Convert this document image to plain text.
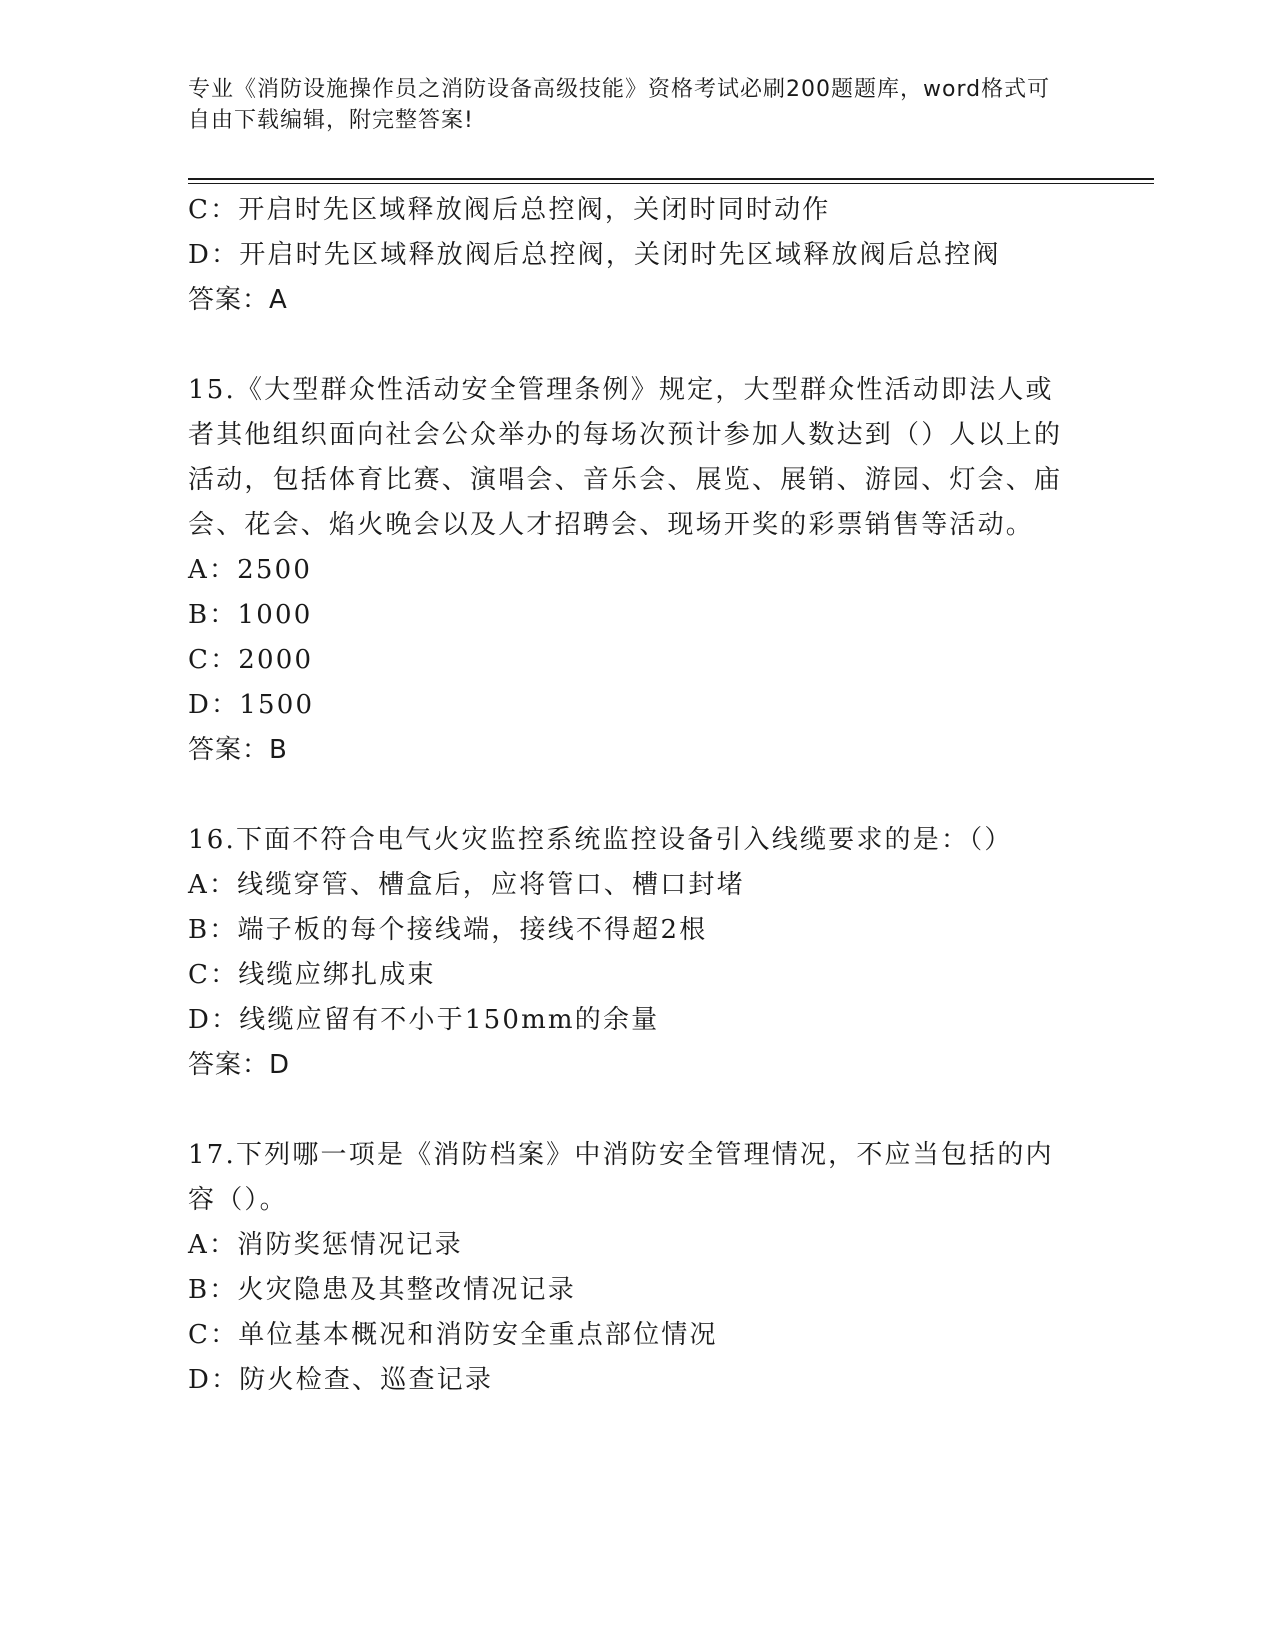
专业《消防设施操作员之消防设备高级技能》资格考试必刷200题题库，word格式可自由下载编辑，附完整答案!
C：开启时先区域释放阀后总控阀，关闭时同时动作
D：开启时先区域释放阀后总控阀，关闭时先区域释放阀后总控阀
答案：A
15.《大型群众性活动安全管理条例》规定，大型群众性活动即法人或者其他组织面向社会公众举办的每场次预计参加人数达到（）人以上的活动，包括体育比赛、演唱会、音乐会、展览、展销、游园、灯会、庙会、花会、焰火晚会以及人才招聘会、现场开奖的彩票销售等活动。
A：2500
B：1000
C：2000
D：1500
答案：B
16.下面不符合电气火灾监控系统监控设备引入线缆要求的是：（）
A：线缆穿管、槽盒后，应将管口、槽口封堵
B：端子板的每个接线端，接线不得超2根
C：线缆应绑扎成束
D：线缆应留有不小于150mm的余量
答案：D
17.下列哪一项是《消防档案》中消防安全管理情况，不应当包括的内容（）。
A：消防奖惩情况记录
B：火灾隐患及其整改情况记录
C：单位基本概况和消防安全重点部位情况
D：防火检查、巡查记录
